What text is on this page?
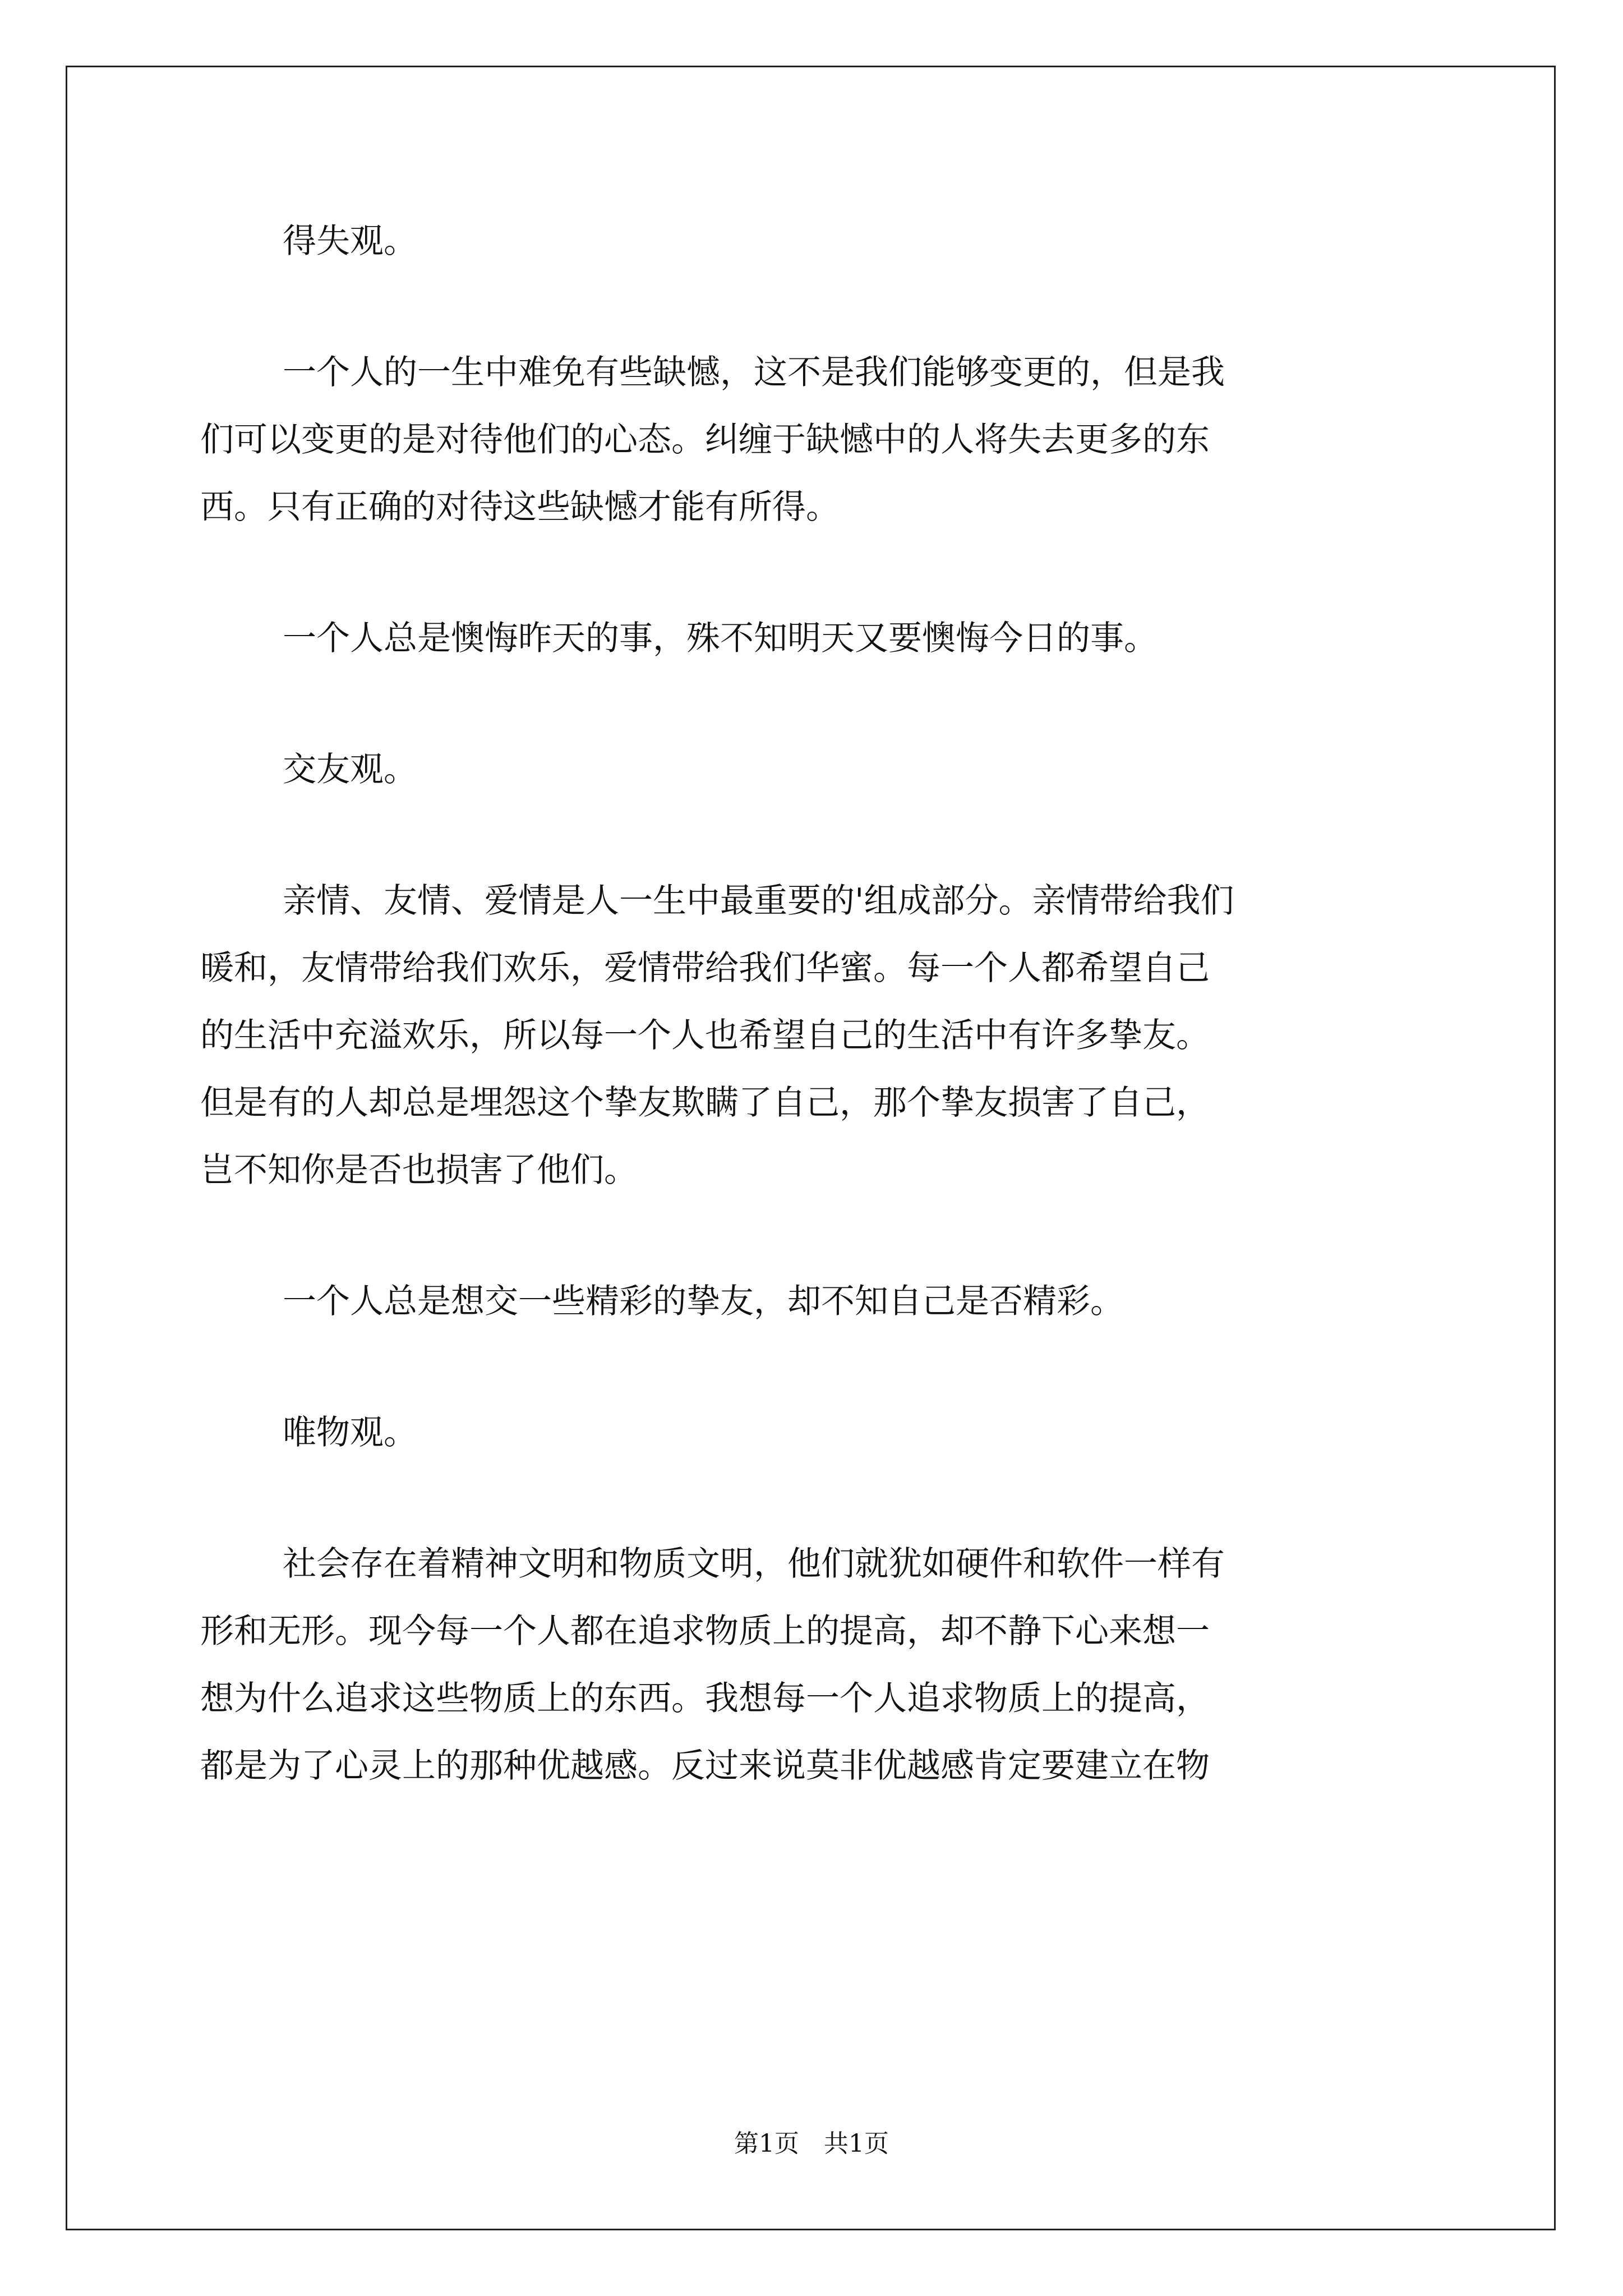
得失观。
一个人的一生中难免有些缺憾，这不是我们能够变更的，但是我
们可以变更的是对待他们的心态。纠缠于缺憾中的人将失去更多的东
西。只有正确的对待这些缺憾才能有所得。
一个人总是懊悔昨天的事，殊不知明天又要懊悔今日的事。
交友观。
亲情、友情、爱情是人一生中最重要的'组成部分。亲情带给我们
暖和，友情带给我们欢乐，爱情带给我们华蜜。每一个人都希望自己
的生活中充溢欢乐，所以每一个人也希望自己的生活中有许多挚友。
但是有的人却总是埋怨这个挚友欺瞒了自己，那个挚友损害了自己，
岂不知你是否也损害了他们。
一个人总是想交一些精彩的挚友，却不知自己是否精彩。
唯物观。
社会存在着精神文明和物质文明，他们就犹如硬件和软件一样有
形和无形。现今每一个人都在追求物质上的提高，却不静下心来想一
想为什么追求这些物质上的东西。我想每一个人追求物质上的提高，
都是为了心灵上的那种优越感。反过来说莫非优越感肯定要建立在物
第1页　共1页
